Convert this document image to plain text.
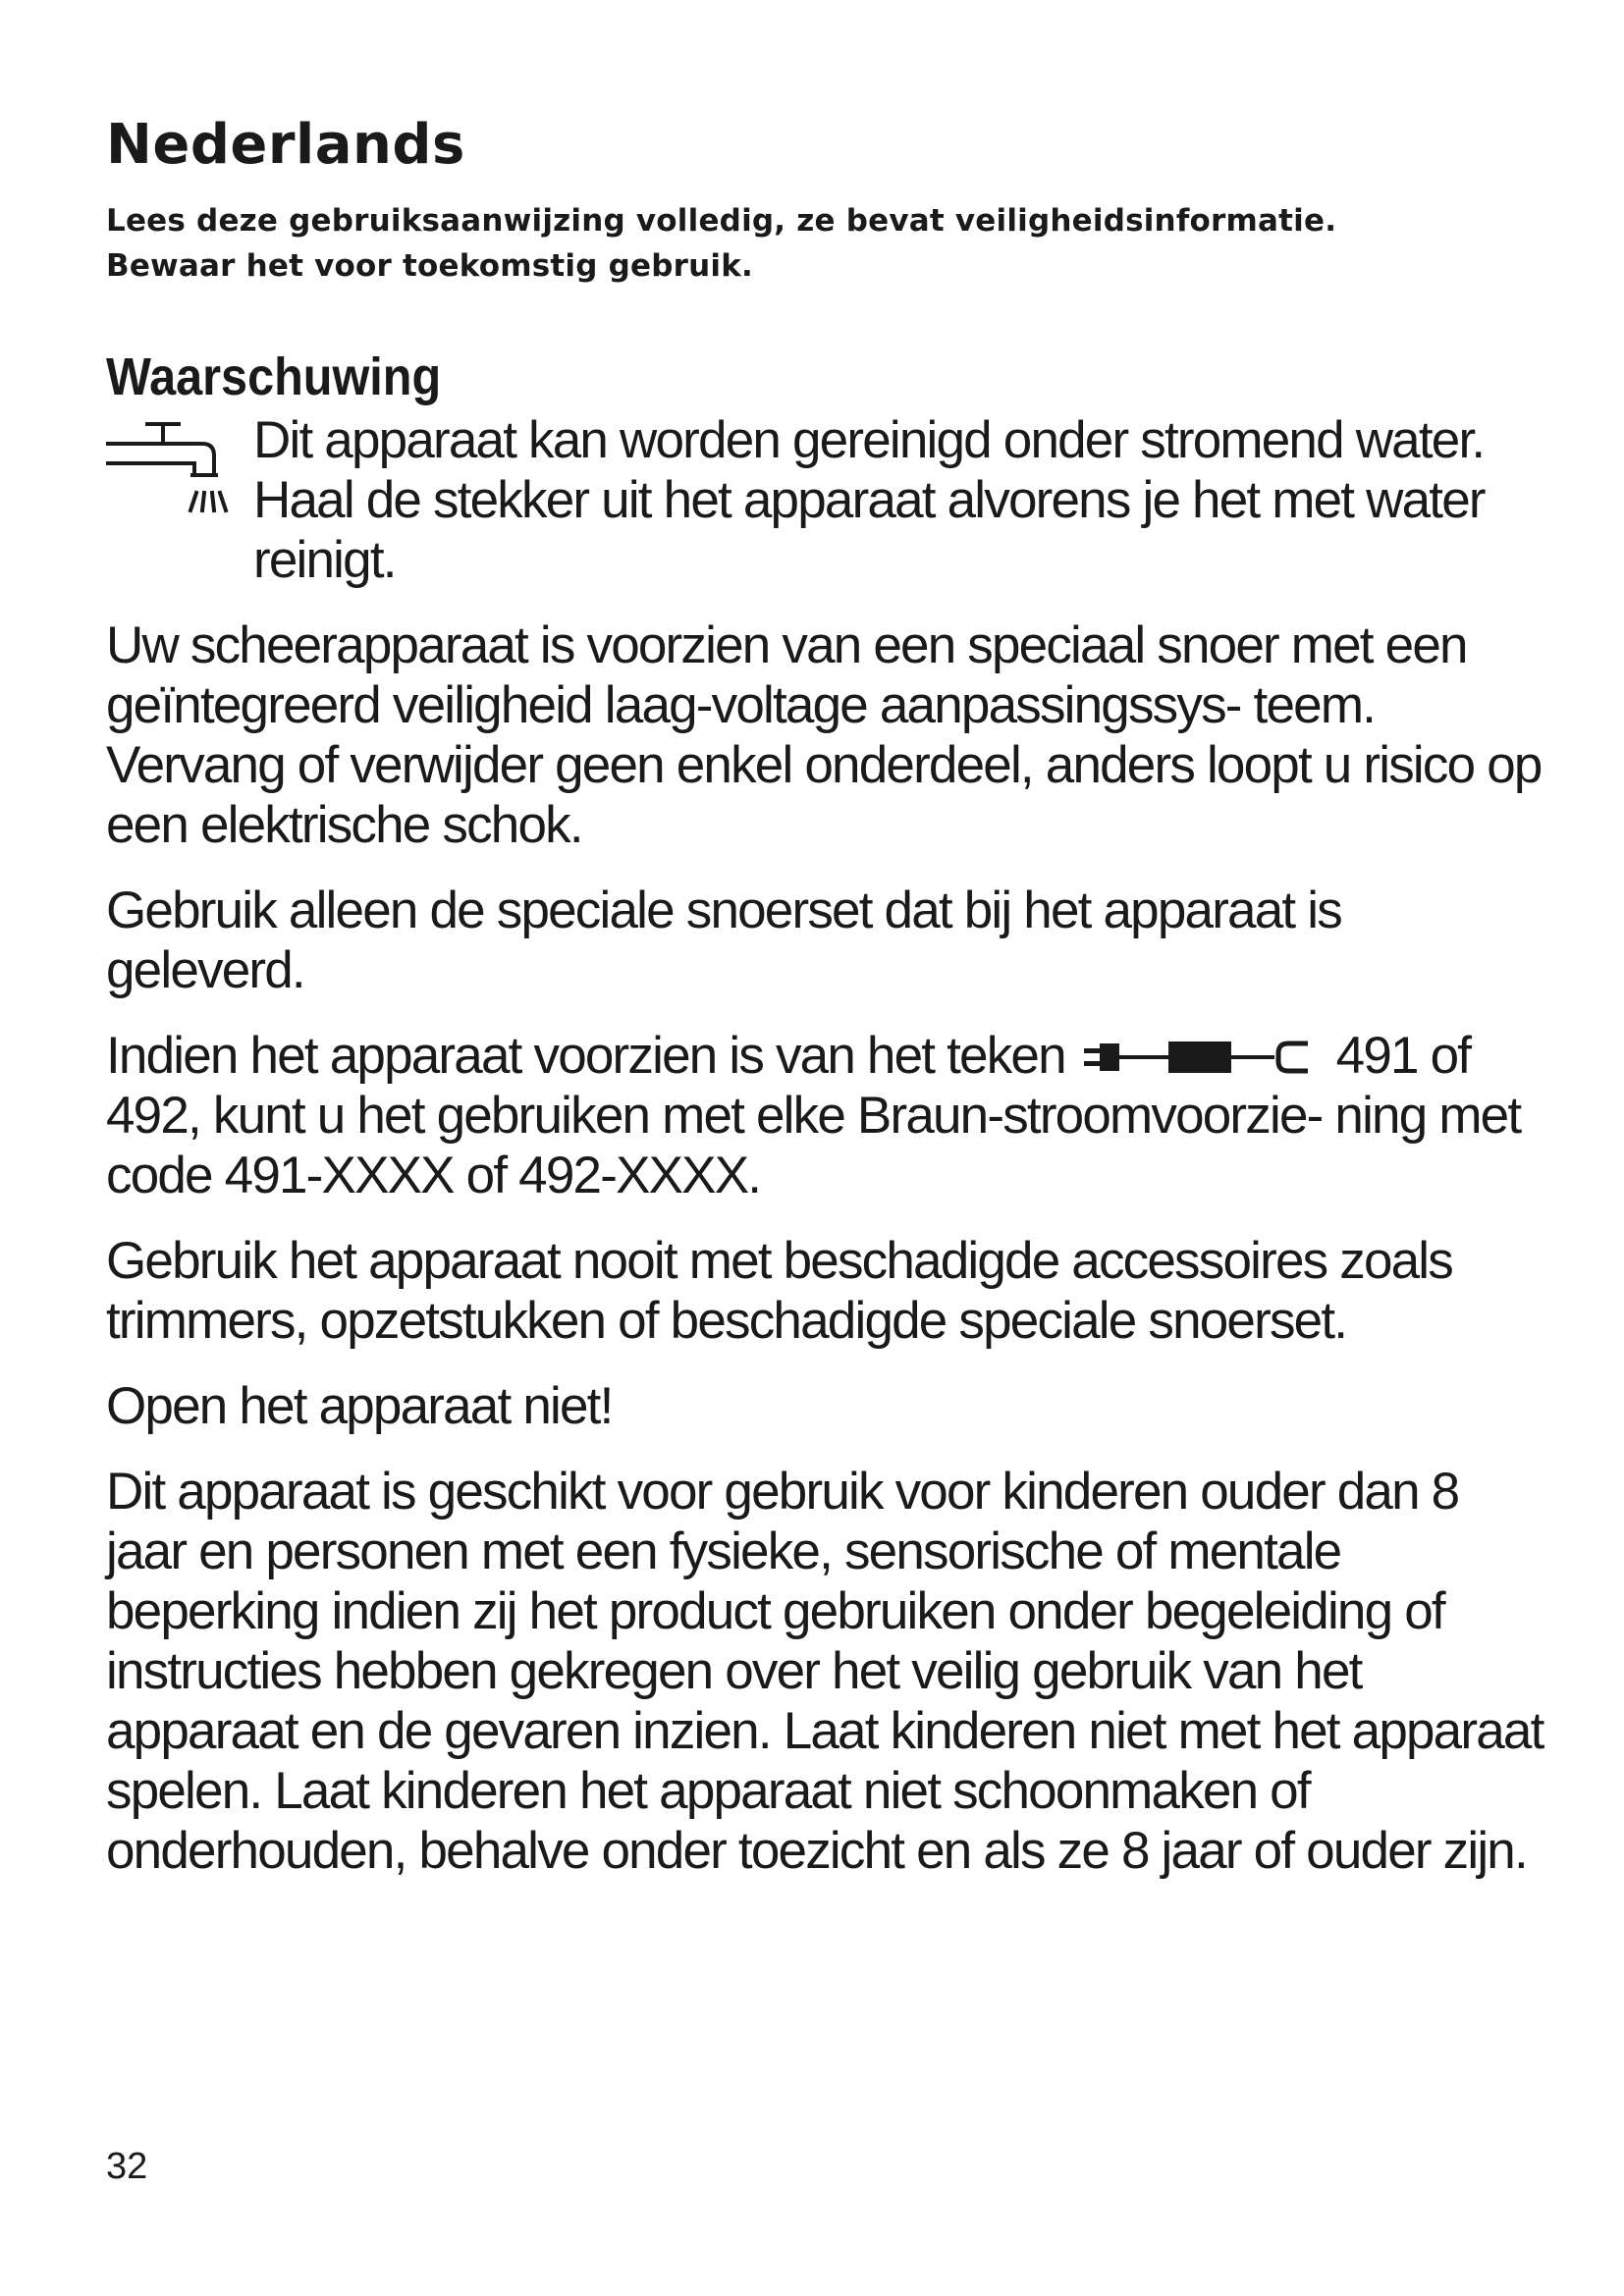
Nederlands

Lees deze gebruiksaanwijzing volledig, ze bevat veiligheidsinformatie.
Bewaar het voor toekomstig gebruik.

Waarschuwing

Dit apparaat kan worden gereinigd onder stromend water. Haal de stekker uit het apparaat alvorens je het met water reinigt.

Uw scheerapparaat is voorzien van een speciaal snoer met een geïntegreerd veiligheid laag-voltage aanpassingssys- teem. Vervang of verwijder geen enkel onderdeel, anders loopt u risico op een elektrische schok.

Gebruik alleen de speciale snoerset dat bij het apparaat is geleverd.

Indien het apparaat voorzien is van het teken	491 of 492, kunt u het gebruiken met elke Braun-stroomvoorzie- ning met code 491-XXXX of 492-XXXX.

Gebruik het apparaat nooit met beschadigde accessoires zoals trimmers, opzetstukken of beschadigde speciale snoerset.

Open het apparaat niet!

Dit apparaat is geschikt voor gebruik voor kinderen ouder dan 8 jaar en personen met een fysieke, sensorische of mentale beperking indien zij het product gebruiken onder begeleiding of instructies hebben gekregen over het veilig gebruik van het apparaat en de gevaren inzien. Laat kinderen niet met het apparaat spelen. Laat kinderen het apparaat niet schoonmaken of onderhouden, behalve onder toezicht en als ze 8 jaar of ouder zijn.

32
